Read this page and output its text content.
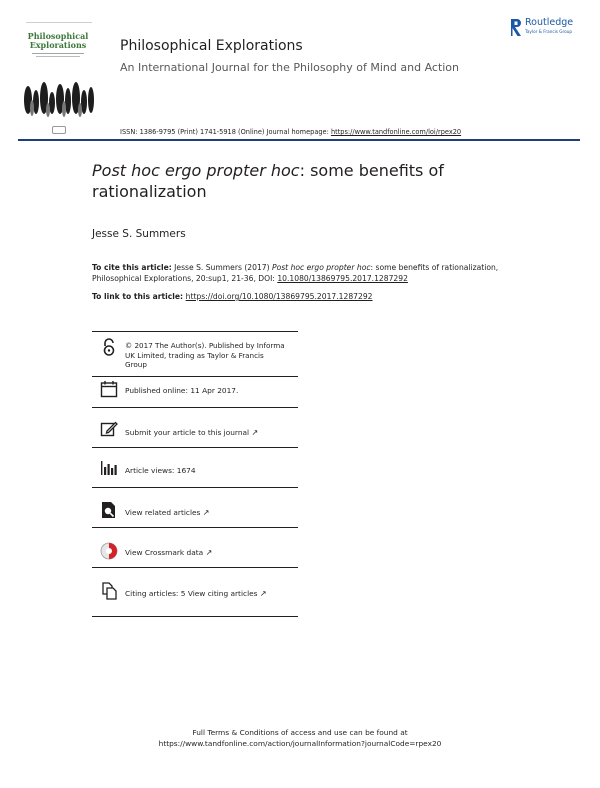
Philosophical
Explorations	Philosophical Explorations
An International Journal for the Philosophy of Mind and Action
ISSN: 1386-9795 (Print) 1741-5918 (Online) Journal homepage: https://www.tandfonline.com/loi/rpex20
Routledge
Taylor & Francis Group
Post hoc ergo propter hoc: some benefits of rationalization
Jesse S. Summers
To cite this article: Jesse S. Summers (2017) Post hoc ergo propter hoc: some benefits of rationalization, Philosophical Explorations, 20:sup1, 21-36, DOI: 10.1080/13869795.2017.1287292
To link to this article: https://doi.org/10.1080/13869795.2017.1287292
© 2017 The Author(s). Published by Informa
UK Limited, trading as Taylor & Francis
Group
Published online: 11 Apr 2017.
Submit your article to this journal ↗
Article views: 1674
View related articles ↗
View Crossmark data ↗
Citing articles: 5 View citing articles ↗
Full Terms & Conditions of access and use can be found at
https://www.tandfonline.com/action/journalInformation?journalCode=rpex20
